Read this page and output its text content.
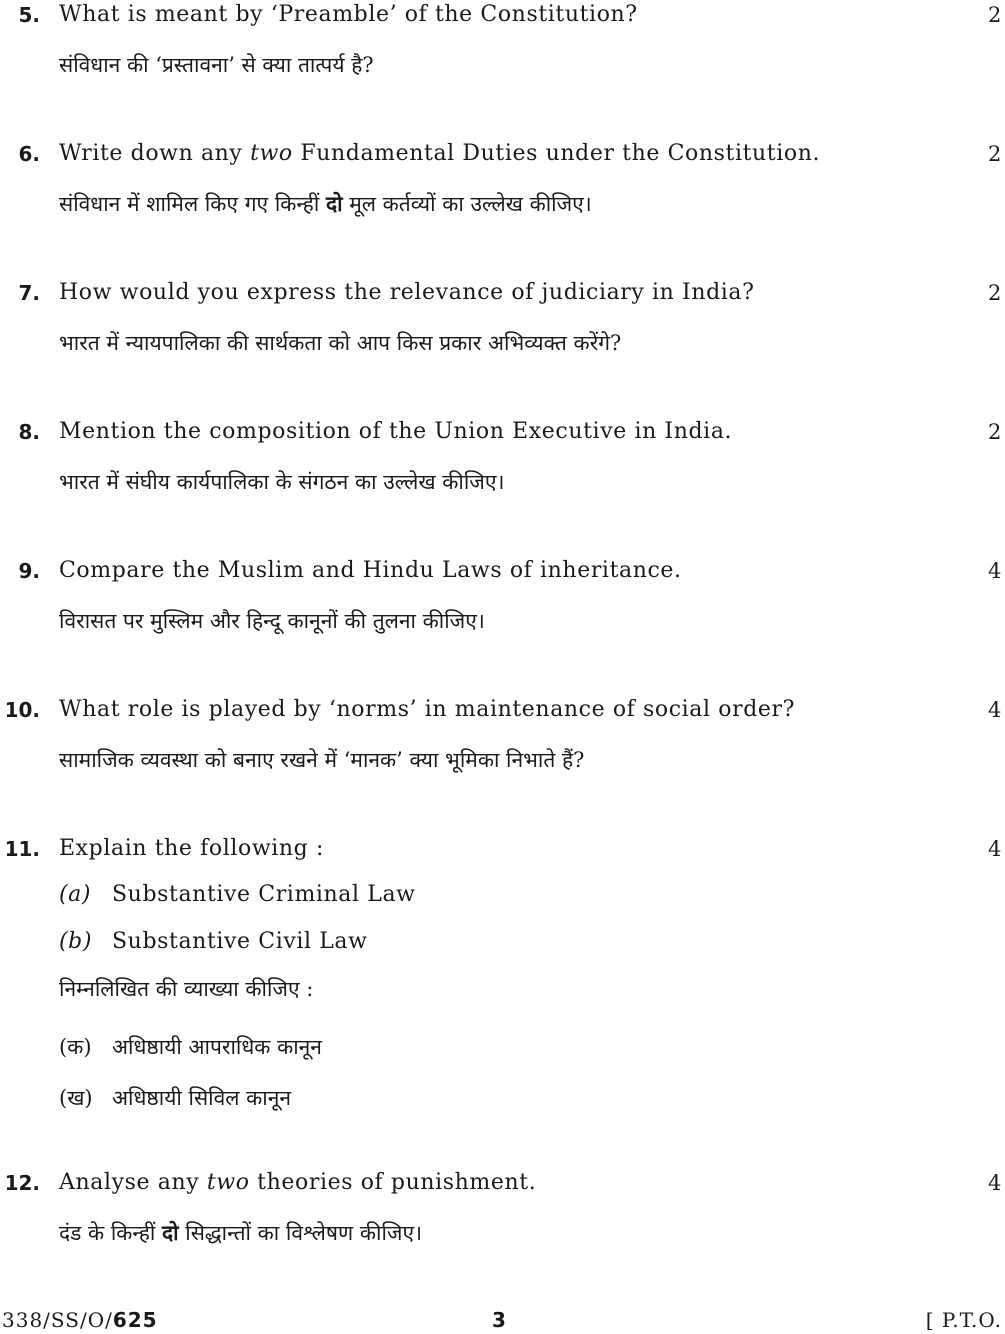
5. What is meant by ‘Preamble’ of the Constitution?	2
संविधान की ‘प्रस्तावना’ से क्या तात्पर्य है?
6. Write down any two Fundamental Duties under the Constitution.	2
संविधान में शामिल किए गए किन्हीं दो मूल कर्तव्यों का उल्लेख कीजिए।
7. How would you express the relevance of judiciary in India?	2
भारत में न्यायपालिका की सार्थकता को आप किस प्रकार अभिव्यक्त करेंगे?
8. Mention the composition of the Union Executive in India.	2
भारत में संघीय कार्यपालिका के संगठन का उल्लेख कीजिए।
9. Compare the Muslim and Hindu Laws of inheritance.	4
विरासत पर मुस्लिम और हिन्दू कानूनों की तुलना कीजिए।
10. What role is played by ‘norms’ in maintenance of social order?	4
सामाजिक व्यवस्था को बनाए रखने में ‘मानक’ क्या भूमिका निभाते हैं?
11. Explain the following :	4
(a) Substantive Criminal Law
(b) Substantive Civil Law
निम्नलिखित की व्याख्या कीजिए :
(क) अधिष्ठायी आपराधिक कानून
(ख) अधिष्ठायी सिविल कानून
12. Analyse any two theories of punishment.	4
दंड के किन्हीं दो सिद्धान्तों का विश्लेषण कीजिए।
338/SS/O/625	3	[ P.T.O.
